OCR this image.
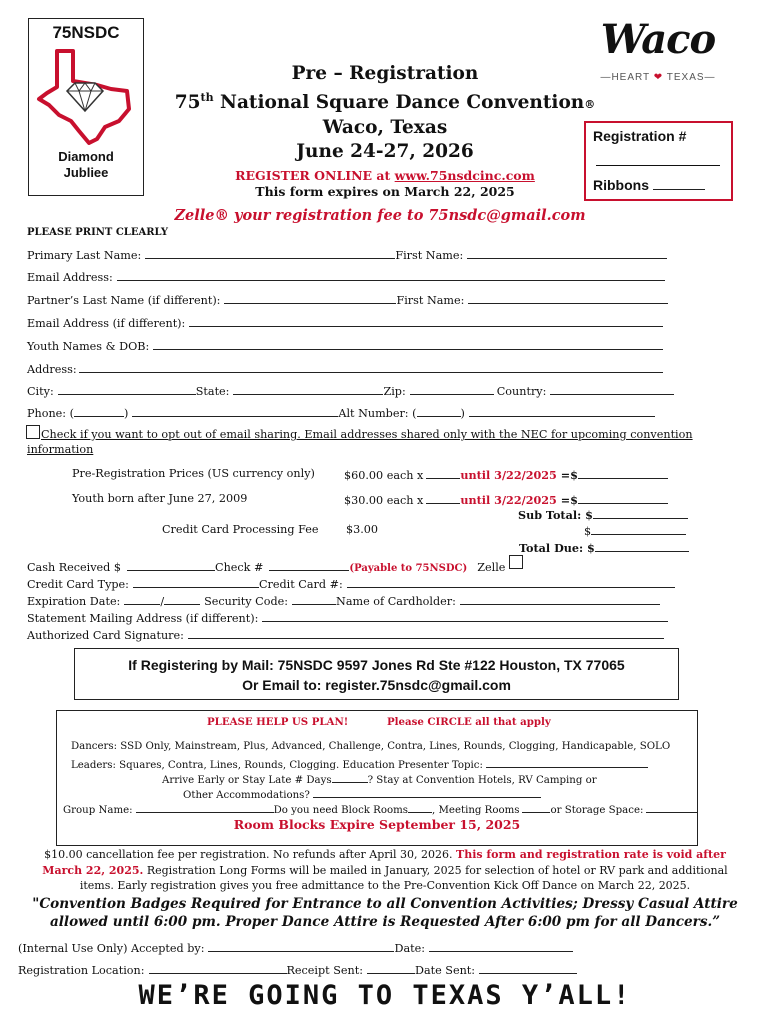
75NSDC
Diamond
Jubliee
Waco
—HEART ❤ TEXAS—
Pre – Registration
75th National Square Dance Convention®
Waco, Texas
June 24-27, 2026
REGISTER ONLINE at www.75nsdcinc.com
This form expires on March 22, 2025
Zelle® your registration fee to 75nsdc@gmail.com
Registration #
Ribbons
PLEASE PRINT CLEARLY
Primary Last Name:	First Name:
Email Address:
Partner’s Last Name (if different):	First Name:
Email Address (if different):
Youth Names & DOB:
Address:
City:	State:	Zip:	Country:
Phone: (	)	Alt Number: (	)
Check if you want to opt out of email sharing. Email addresses shared only with the NEC for upcoming convention
information
Pre-Registration Prices (US currency only)	$60.00 each x	until 3/22/2025 =$
Youth born after June 27, 2009	$30.00 each x	until 3/22/2025 =$
Sub Total: $
Credit Card Processing Fee $3.00	$
Total Due: $
Cash Received $	Check #	(Payable to 75NSDC) Zelle
Credit Card Type:	Credit Card #:
Expiration Date:	/	Security Code:	Name of Cardholder:
Statement Mailing Address (if different):
Authorized Card Signature:
If Registering by Mail: 75NSDC 9597 Jones Rd Ste #122 Houston, TX 77065
Or Email to: register.75nsdc@gmail.com
PLEASE HELP US PLAN!	Please CIRCLE all that apply
Dancers: SSD Only, Mainstream, Plus, Advanced, Challenge, Contra, Lines, Rounds, Clogging, Handicapable, SOLO
Leaders: Squares, Contra, Lines, Rounds, Clogging. Education Presenter Topic:
Arrive Early or Stay Late # Days	? Stay at Convention Hotels, RV Camping or
Other Accommodations?
Group Name:	Do you need Block Rooms , Meeting Rooms	or Storage Space:
Room Blocks Expire September 15, 2025
$10.00 cancellation fee per registration. No refunds after April 30, 2026. This form and registration rate is void after
March 22, 2025. Registration Long Forms will be mailed in January, 2025 for selection of hotel or RV park and additional
items. Early registration gives you free admittance to the Pre-Convention Kick Off Dance on March 22, 2025.
"Convention Badges Required for Entrance to all Convention Activities; Dressy Casual Attire
allowed until 6:00 pm. Proper Dance Attire is Requested After 6:00 pm for all Dancers.”
(Internal Use Only) Accepted by:	Date:
Registration Location:	Receipt Sent:	Date Sent:
WE’RE GOING TO TEXAS Y’ALL!
